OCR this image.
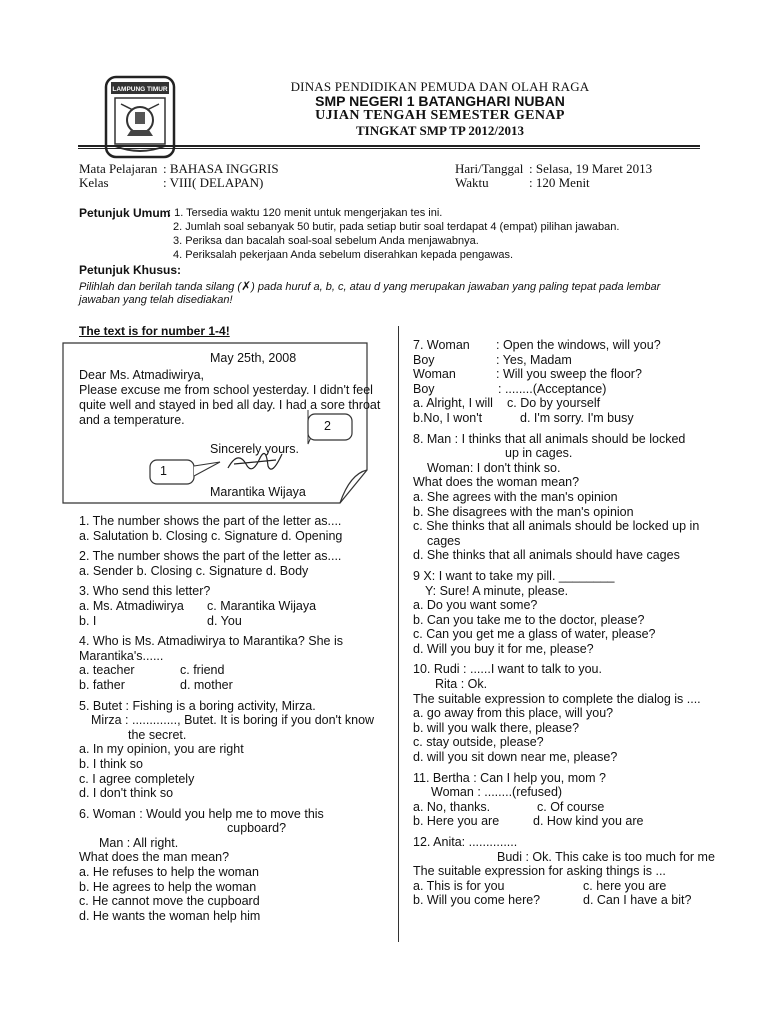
LAMPUNG TIMUR	DINAS PENDIDIKAN PEMUDA DAN OLAH RAGA
SMP NEGERI 1 BATANGHARI NUBAN
UJIAN TENGAH SEMESTER GENAP
TINGKAT SMP TP 2012/2013
Mata Pelajaran : BAHASA INGGRIS
Kelas	: VIII( DELAPAN)
Hari/Tanggal : Selasa, 19 Maret 2013
Waktu	: 120 Menit
Petunjuk Umum
: 1. Tersedia waktu 120 menit untuk mengerjakan tes ini.
2. Jumlah soal sebanyak 50 butir, pada setiap butir soal terdapat 4 (empat) pilihan jawaban.
3. Periksa dan bacalah soal-soal sebelum Anda menjawabnya.
4. Periksalah pekerjaan Anda sebelum diserahkan kepada pengawas.
Petunjuk Khusus:
Pilihlah dan berilah tanda silang (✗) pada huruf a, b, c, atau d yang merupakan jawaban yang paling tepat pada lembar
jawaban yang telah disediakan!
The text is for number 1-4!
May 25th, 2008
Dear Ms. Atmadiwirya,
Please excuse me from school yesterday. I didn't feel
quite well and stayed in bed all day. I had a sore throat
and a temperature.	2
Sincerely yours.
1
Marantika Wijaya
1. The number shows the part of the letter as....
a. Salutation b. Closing c. Signature d. Opening
2. The number shows the part of the letter as....
a. Sender b. Closing c. Signature d. Body
3. Who send this letter?
a. Ms. Atmadiwirya c. Marantika Wijaya
b. I	d. You
4. Who is Ms. Atmadiwirya to Marantika? She is
Marantika's......
a. teacher	c. friend
b. father	d. mother
5. Butet : Fishing is a boring activity, Mirza.
Mirza : ............., Butet. It is boring if you don't know
the secret.
a. In my opinion, you are right
b. I think so
c. I agree completely
d. I don't think so
6. Woman : Would you help me to move this
cupboard?
Man : All right.
What does the man mean?
a. He refuses to help the woman
b. He agrees to help the woman
c. He cannot move the cupboard
d. He wants the woman help him
7. Woman : Open the windows, will you?
Boy	: Yes, Madam
Woman	: Will you sweep the floor?
Boy	: ........(Acceptance)
a. Alright, I will c. Do by yourself
b.No, I won't	d. I'm sorry. I'm busy
8. Man : I thinks that all animals should be locked
up in cages.
Woman: I don't think so.
What does the woman mean?
a. She agrees with the man's opinion
b. She disagrees with the man's opinion
c. She thinks that all animals should be locked up in
cages
d. She thinks that all animals should have cages
9 X: I want to take my pill. ________
Y: Sure! A minute, please.
a. Do you want some?
b. Can you take me to the doctor, please?
c. Can you get me a glass of water, please?
d. Will you buy it for me, please?
10. Rudi : ......I want to talk to you.
Rita : Ok.
The suitable expression to complete the dialog is ....
a. go away from this place, will you?
b. will you walk there, please?
c. stay outside, please?
d. will you sit down near me, please?
11. Bertha : Can I help you, mom ?
Woman : ........(refused)
a. No, thanks.	c. Of course
b. Here you are	d. How kind you are
12. Anita: ..............
Budi : Ok. This cake is too much for me
The suitable expression for asking things is ...
a. This is for you	c. here you are
b. Will you come here?	d. Can I have a bit?
